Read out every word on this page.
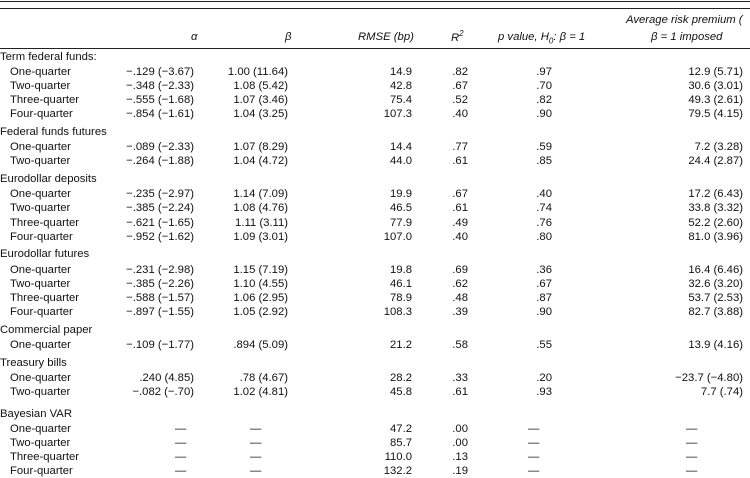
α	β	RMSE (bp)	$R^2$	p value, $H_0$: β = 1
Average risk premium (
β = 1 imposed
Term federal funds:
One-quarter	−.129 (−3.67)	1.00 (11.64)	14.9	.82	.97	12.9 (5.71)
Two-quarter	−.348 (−2.33)	1.08 (5.42)	42.8	.67	.70	30.6 (3.01)
Three-quarter	−.555 (−1.68)	1.07 (3.46)	75.4	.52	.82	49.3 (2.61)
Four-quarter	−.854 (−1.61)	1.04 (3.25)	107.3	.40	.90	79.5 (4.15)
Federal funds futures
One-quarter	−.089 (−2.33)	1.07 (8.29)	14.4	.77	.59	7.2 (3.28)
Two-quarter	−.264 (−1.88)	1.04 (4.72)	44.0	.61	.85	24.4 (2.87)
Eurodollar deposits
One-quarter	−.235 (−2.97)	1.14 (7.09)	19.9	.67	.40	17.2 (6.43)
Two-quarter	−.385 (−2.24)	1.08 (4.76)	46.5	.61	.74	33.8 (3.32)
Three-quarter	−.621 (−1.65)	1.11 (3.11)	77.9	.49	.76	52.2 (2.60)
Four-quarter	−.952 (−1.62)	1.09 (3.01)	107.0	.40	.80	81.0 (3.96)
Eurodollar futures
One-quarter	−.231 (−2.98)	1.15 (7.19)	19.8	.69	.36	16.4 (6.46)
Two-quarter	−.385 (−2.26)	1.10 (4.55)	46.1	.62	.67	32.6 (3.20)
Three-quarter	−.588 (−1.57)	1.06 (2.95)	78.9	.48	.87	53.7 (2.53)
Four-quarter	−.897 (−1.55)	1.05 (2.92)	108.3	.39	.90	82.7 (3.88)
Commercial paper
One-quarter	−.109 (−1.77)	.894 (5.09)	21.2	.58	.55	13.9 (4.16)
Treasury bills
One-quarter	.240 (4.85)	.78 (4.67)	28.2	.33	.20	−23.7 (−4.80)
Two-quarter	−.082 (−.70)	1.02 (4.81)	45.8	.61	.93	7.7 (.74)
Bayesian VAR
One-quarter	—	—	47.2	.00	—	—
Two-quarter	—	—	85.7	.00	—	—
Three-quarter	—	—	110.0	.13	—	—
Four-quarter	—	—	132.2	.19	—	—
